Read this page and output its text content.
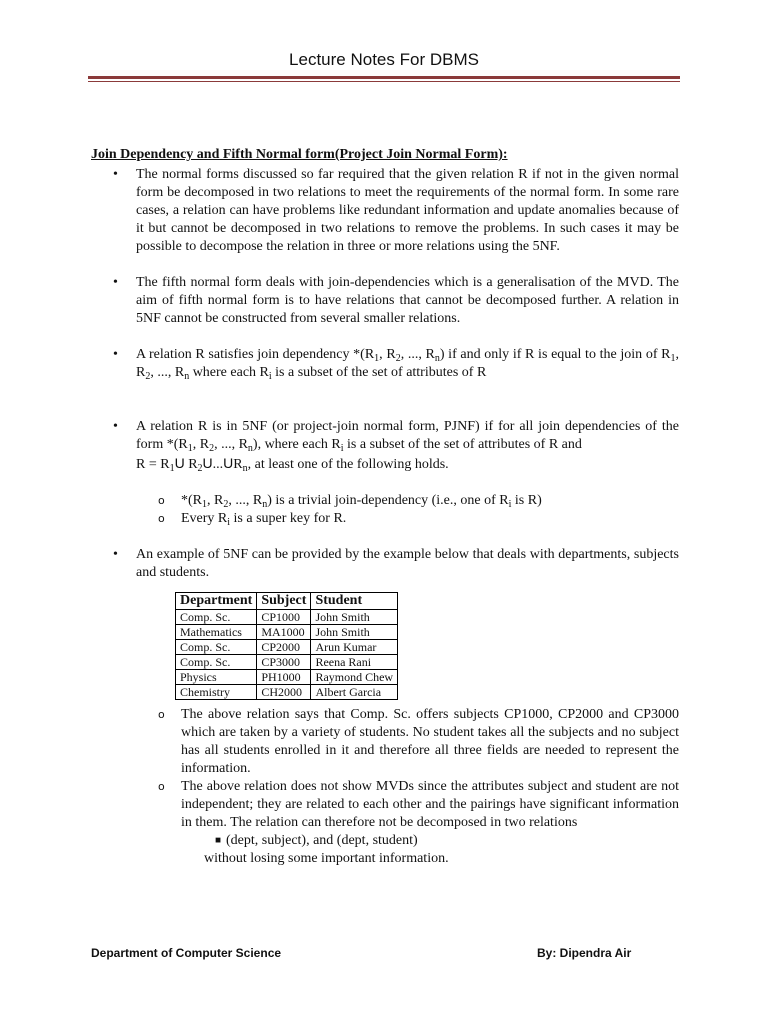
Lecture Notes For DBMS
Join Dependency and Fifth Normal form(Project Join Normal Form):
• The normal forms discussed so far required that the given relation R if not in the given normal form be decomposed in two relations to meet the requirements of the normal form. In some rare cases, a relation can have problems like redundant information and update anomalies because of it but cannot be decomposed in two relations to remove the problems. In such cases it may be possible to decompose the relation in three or more relations using the 5NF.
• The fifth normal form deals with join-dependencies which is a generalisation of the MVD. The aim of fifth normal form is to have relations that cannot be decomposed further. A relation in 5NF cannot be constructed from several smaller relations.
• A relation R satisfies join dependency $*(R_1$, $R_2$, ..., $R_n$) if and only if R is equal to the join of $R_1$, $R_2$, ..., $R_n$ where each $R_i$ is a subset of the set of attributes of R
• A relation R is in 5NF (or project-join normal form, PJNF) if for all join dependencies of the form $*(R_1$, $R_2$, ..., $R_n$), where each $R_i$ is a subset of the set of attributes of R and
$R = R_1U$ $R_2U...UR_n$, at least one of the following holds.
o $*(R_1$, $R_2$, ..., $R_n$) is a trivial join-dependency (i.e., one of $R_i$ is R)
o Every $R_i$ is a super key for R.
• An example of 5NF can be provided by the example below that deals with departments, subjects and students.
Department	Subject	Student
Comp. Sc.	CP1000	John Smith
Mathematics	MA1000	John Smith
Comp. Sc.	CP2000	Arun Kumar
Comp. Sc.	CP3000	Reena Rani
Physics	PH1000	Raymond Chew
Chemistry	CH2000	Albert Garcia
o The above relation says that Comp. Sc. offers subjects CP1000, CP2000 and CP3000 which are taken by a variety of students. No student takes all the subjects and no subject has all students enrolled in it and therefore all three fields are needed to represent the information.
o The above relation does not show MVDs since the attributes subject and student are not independent; they are related to each other and the pairings have significant information in them. The relation can therefore not be decomposed in two relations
■ (dept, subject), and (dept, student)
without losing some important information.
Department of Computer Science	By: Dipendra Air
